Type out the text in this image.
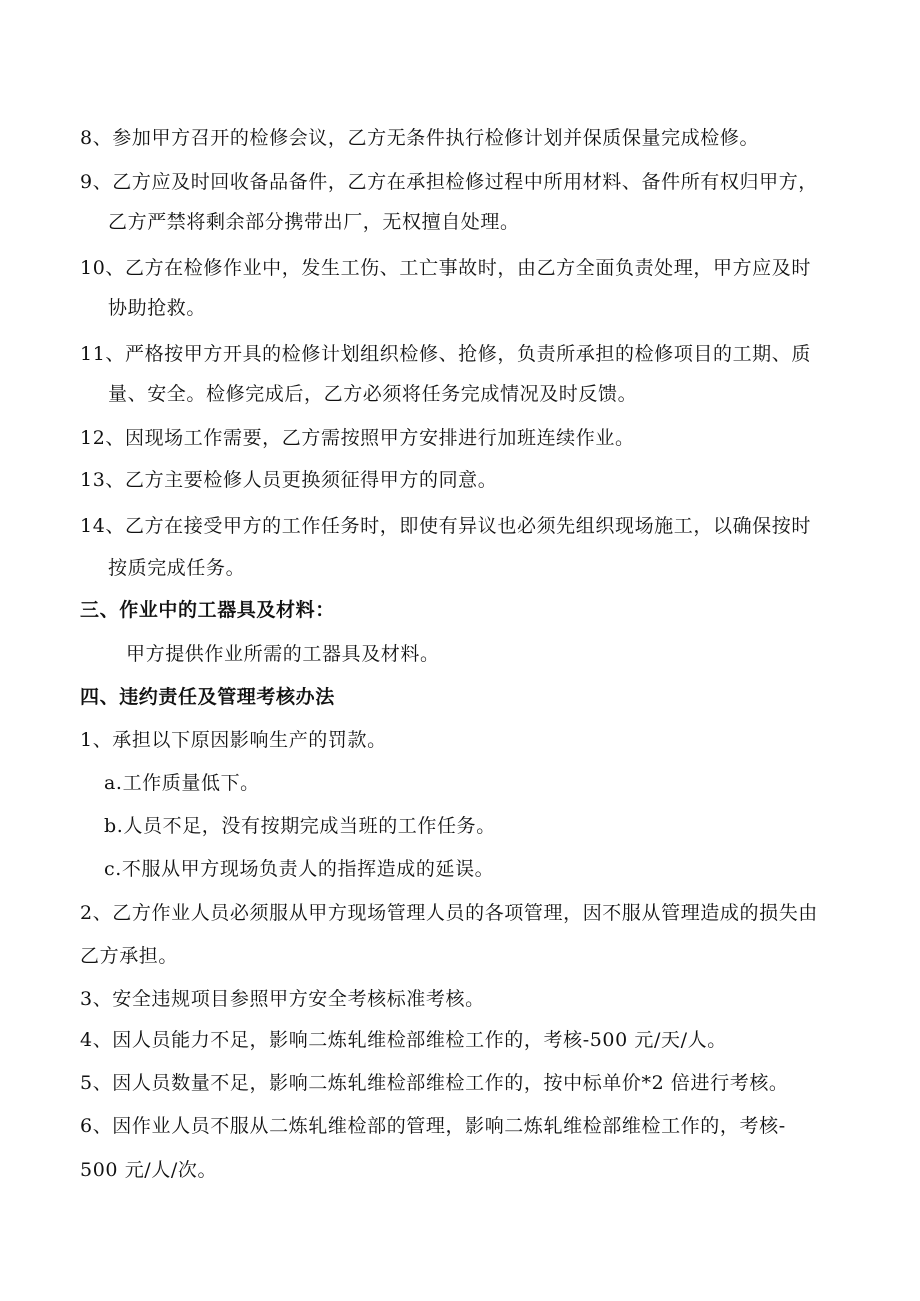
8、参加甲方召开的检修会议，乙方无条件执行检修计划并保质保量完成检修。
9、乙方应及时回收备品备件，乙方在承担检修过程中所用材料、备件所有权归甲方，
乙方严禁将剩余部分携带出厂，无权擅自处理。
10、乙方在检修作业中，发生工伤、工亡事故时，由乙方全面负责处理，甲方应及时
协助抢救。
11、严格按甲方开具的检修计划组织检修、抢修，负责所承担的检修项目的工期、质
量、安全。检修完成后，乙方必须将任务完成情况及时反馈。
12、因现场工作需要，乙方需按照甲方安排进行加班连续作业。
13、乙方主要检修人员更换须征得甲方的同意。
14、乙方在接受甲方的工作任务时，即使有异议也必须先组织现场施工，以确保按时
按质完成任务。
三、作业中的工器具及材料：
甲方提供作业所需的工器具及材料。
四、违约责任及管理考核办法
1、承担以下原因影响生产的罚款。
a.工作质量低下。
b.人员不足，没有按期完成当班的工作任务。
c.不服从甲方现场负责人的指挥造成的延误。
2、乙方作业人员必须服从甲方现场管理人员的各项管理，因不服从管理造成的损失由
乙方承担。
3、安全违规项目参照甲方安全考核标准考核。
4、因人员能力不足，影响二炼轧维检部维检工作的，考核-500 元/天/人。
5、因人员数量不足，影响二炼轧维检部维检工作的，按中标单价*2 倍进行考核。
6、因作业人员不服从二炼轧维检部的管理，影响二炼轧维检部维检工作的，考核-
500 元/人/次。
